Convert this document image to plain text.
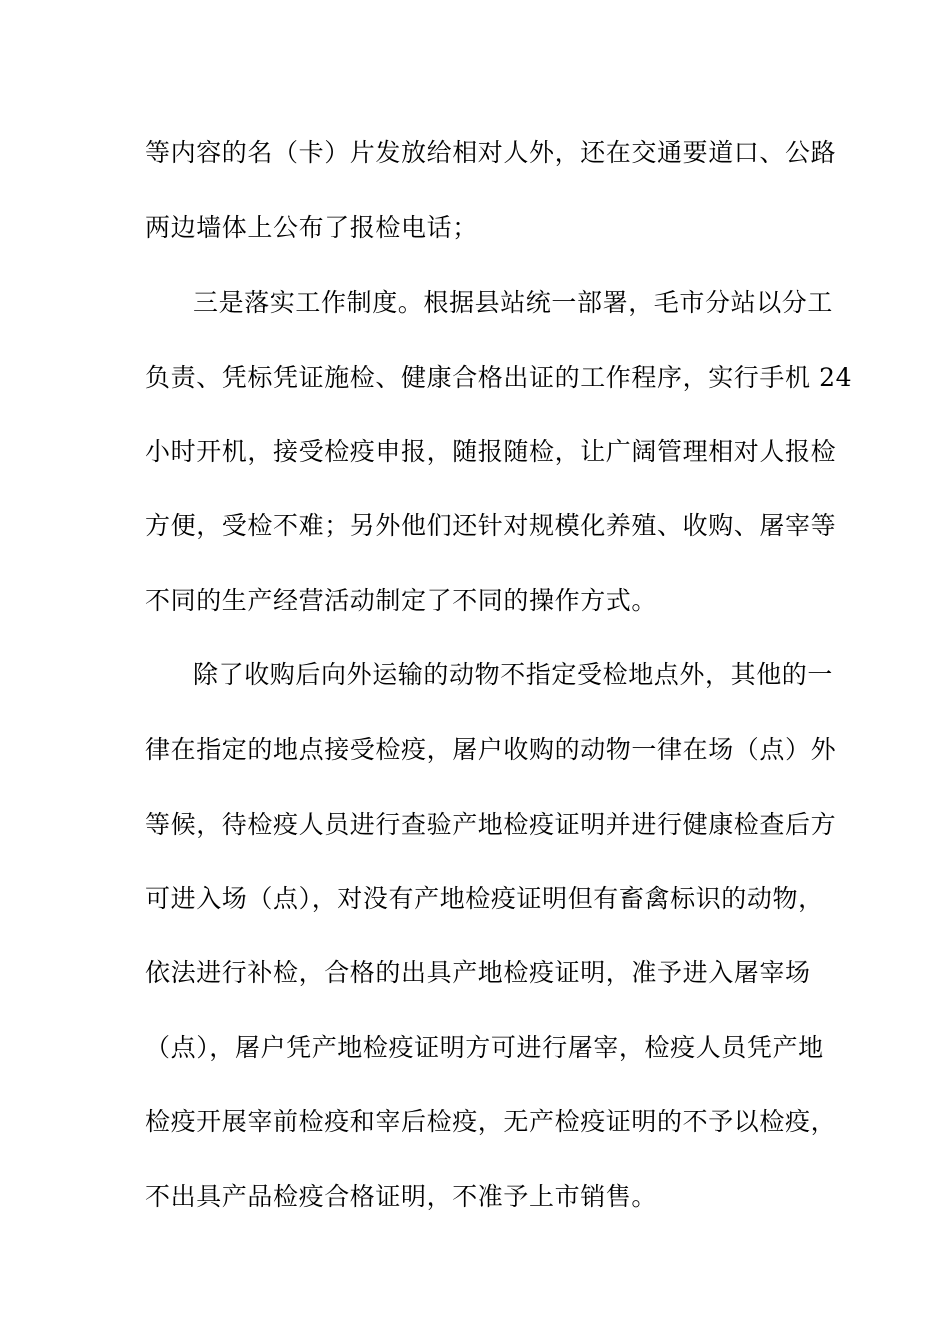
等内容的名（卡）片发放给相对人外，还在交通要道口、公路
两边墙体上公布了报检电话；
三是落实工作制度。根据县站统一部署，毛市分站以分工
负责、凭标凭证施检、健康合格出证的工作程序，实行手机 24
小时开机，接受检疫申报，随报随检，让广阔管理相对人报检
方便，受检不难；另外他们还针对规模化养殖、收购、屠宰等
不同的生产经营活动制定了不同的操作方式。
除了收购后向外运输的动物不指定受检地点外，其他的一
律在指定的地点接受检疫，屠户收购的动物一律在场（点）外
等候，待检疫人员进行查验产地检疫证明并进行健康检查后方
可进入场（点），对没有产地检疫证明但有畜禽标识的动物，
依法进行补检，合格的出具产地检疫证明，准予进入屠宰场
（点），屠户凭产地检疫证明方可进行屠宰，检疫人员凭产地
检疫开展宰前检疫和宰后检疫，无产检疫证明的不予以检疫，
不出具产品检疫合格证明，不准予上市销售。
